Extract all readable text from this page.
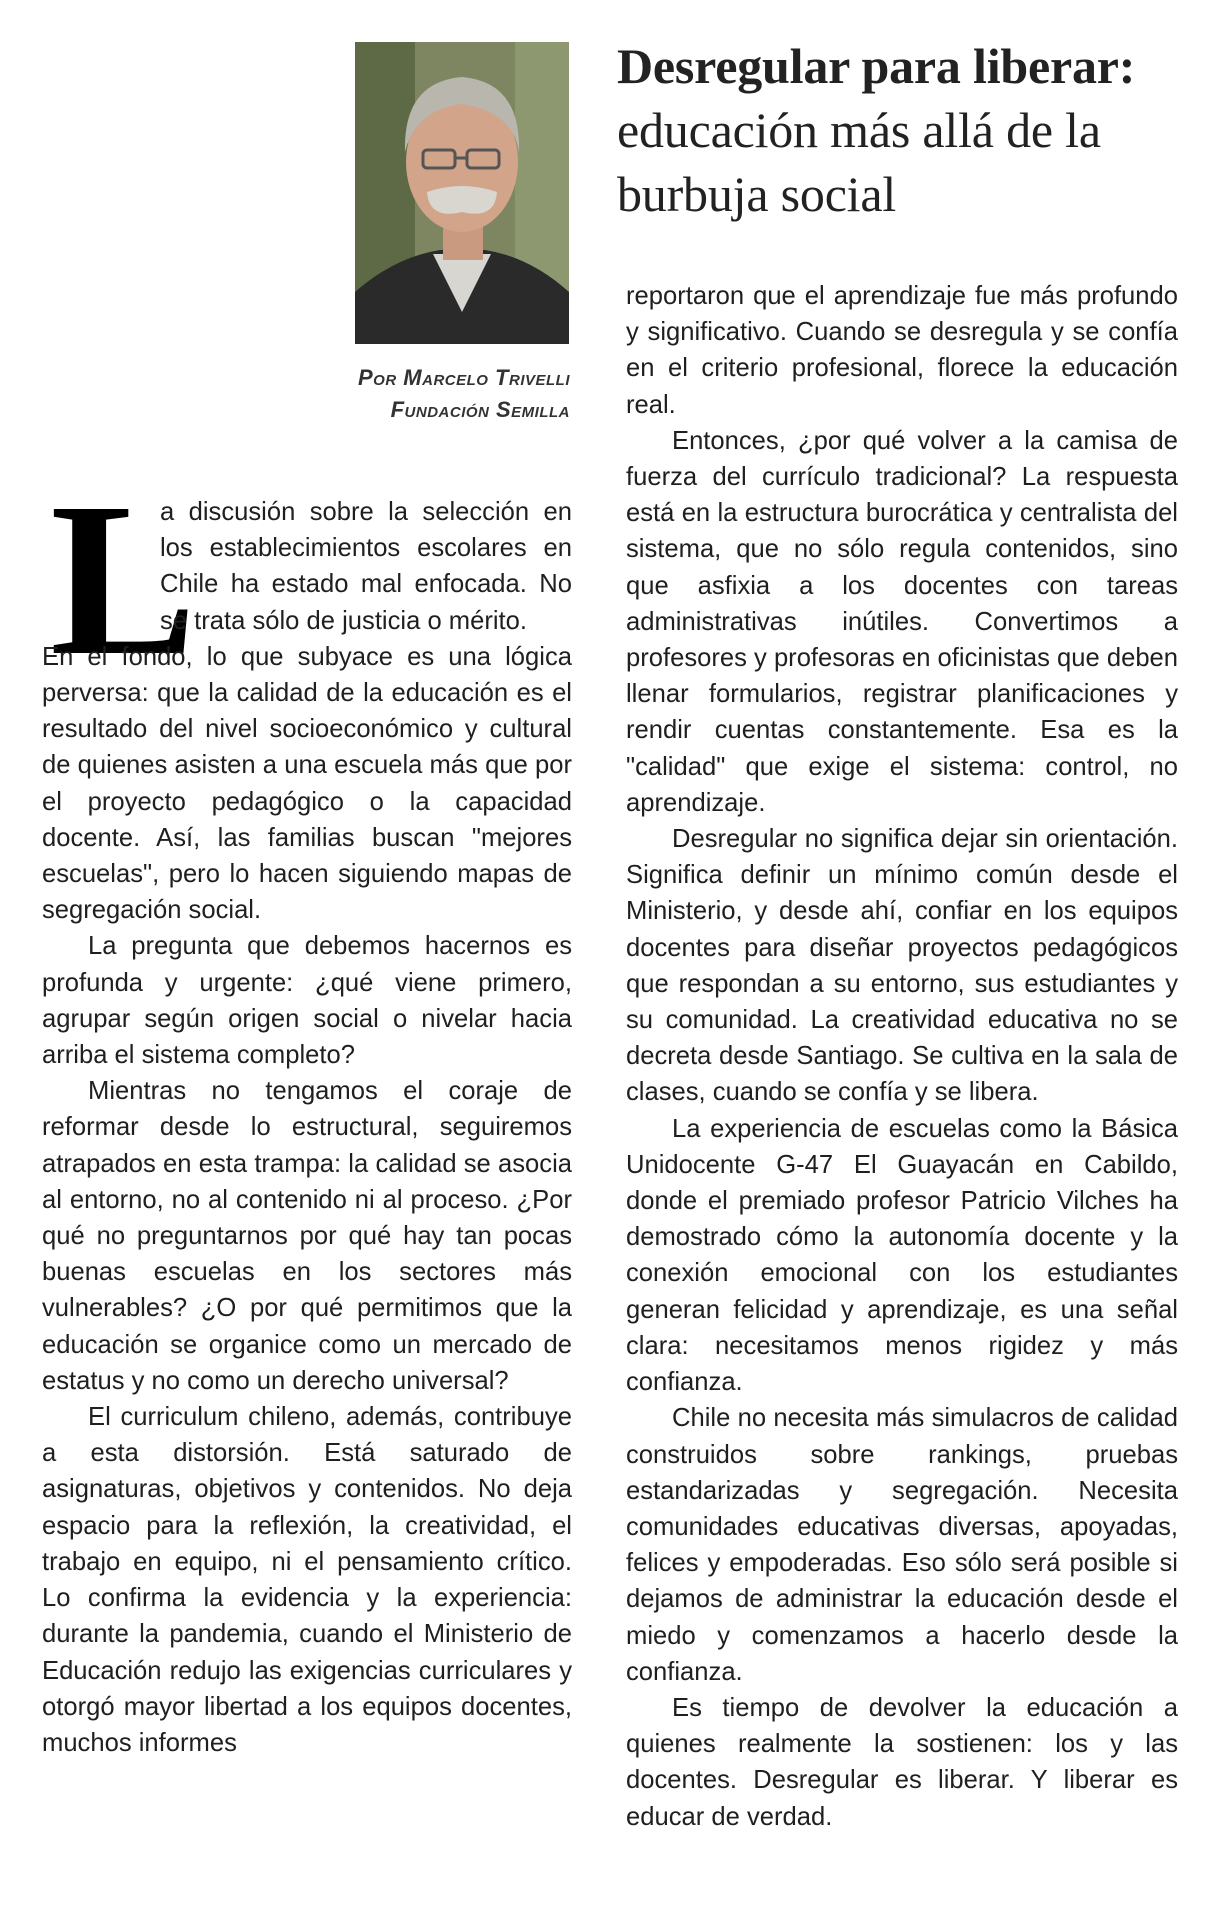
Por Marcelo Trivelli
Fundación Semilla
Desregular para liberar: educación más allá de la burbuja social
L

a discusión sobre la selección en los establecimientos escolares en Chile ha estado mal enfocada. No se trata sólo de justicia o mérito.

En el fondo, lo que subyace es una lógica perversa: que la calidad de la educación es el resultado del nivel socioeconómico y cultural de quienes asisten a una escuela más que por el proyecto pedagógico o la capacidad docente. Así, las familias buscan "mejores escuelas", pero lo hacen siguiendo mapas de segregación social.

La pregunta que debemos hacernos es profunda y urgente: ¿qué viene primero, agrupar según origen social o nivelar hacia arriba el sistema completo?

Mientras no tengamos el coraje de reformar desde lo estructural, seguiremos atrapados en esta trampa: la calidad se asocia al entorno, no al contenido ni al proceso. ¿Por qué no preguntarnos por qué hay tan pocas buenas escuelas en los sectores más vulnerables? ¿O por qué permitimos que la educación se organice como un mercado de estatus y no como un derecho universal?

El curriculum chileno, además, contribuye a esta distorsión. Está saturado de asignaturas, objetivos y contenidos. No deja espacio para la reflexión, la creatividad, el trabajo en equipo, ni el pensamiento crítico. Lo confirma la evidencia y la experiencia: durante la pandemia, cuando el Ministerio de Educación redujo las exigencias curriculares y otorgó mayor libertad a los equipos docentes, muchos informes

reportaron que el aprendizaje fue más profundo y significativo. Cuando se desregula y se confía en el criterio profesional, florece la educación real.

Entonces, ¿por qué volver a la camisa de fuerza del currículo tradicional? La respuesta está en la estructura burocrática y centralista del sistema, que no sólo regula contenidos, sino que asfixia a los docentes con tareas administrativas inútiles. Convertimos a profesores y profesoras en oficinistas que deben llenar formularios, registrar planificaciones y rendir cuentas constantemente. Esa es la "calidad" que exige el sistema: control, no aprendizaje.

Desregular no significa dejar sin orientación. Significa definir un mínimo común desde el Ministerio, y desde ahí, confiar en los equipos docentes para diseñar proyectos pedagógicos que respondan a su entorno, sus estudiantes y su comunidad. La creatividad educativa no se decreta desde Santiago. Se cultiva en la sala de clases, cuando se confía y se libera.

La experiencia de escuelas como la Básica Unidocente G-47 El Guayacán en Cabildo, donde el premiado profesor Patricio Vilches ha demostrado cómo la autonomía docente y la conexión emocional con los estudiantes generan felicidad y aprendizaje, es una señal clara: necesitamos menos rigidez y más confianza.

Chile no necesita más simulacros de calidad construidos sobre rankings, pruebas estandarizadas y segregación. Necesita comunidades educativas diversas, apoyadas, felices y empoderadas. Eso sólo será posible si dejamos de administrar la educación desde el miedo y comenzamos a hacerlo desde la confianza.

Es tiempo de devolver la educación a quienes realmente la sostienen: los y las docentes. Desregular es liberar. Y liberar es educar de verdad.
